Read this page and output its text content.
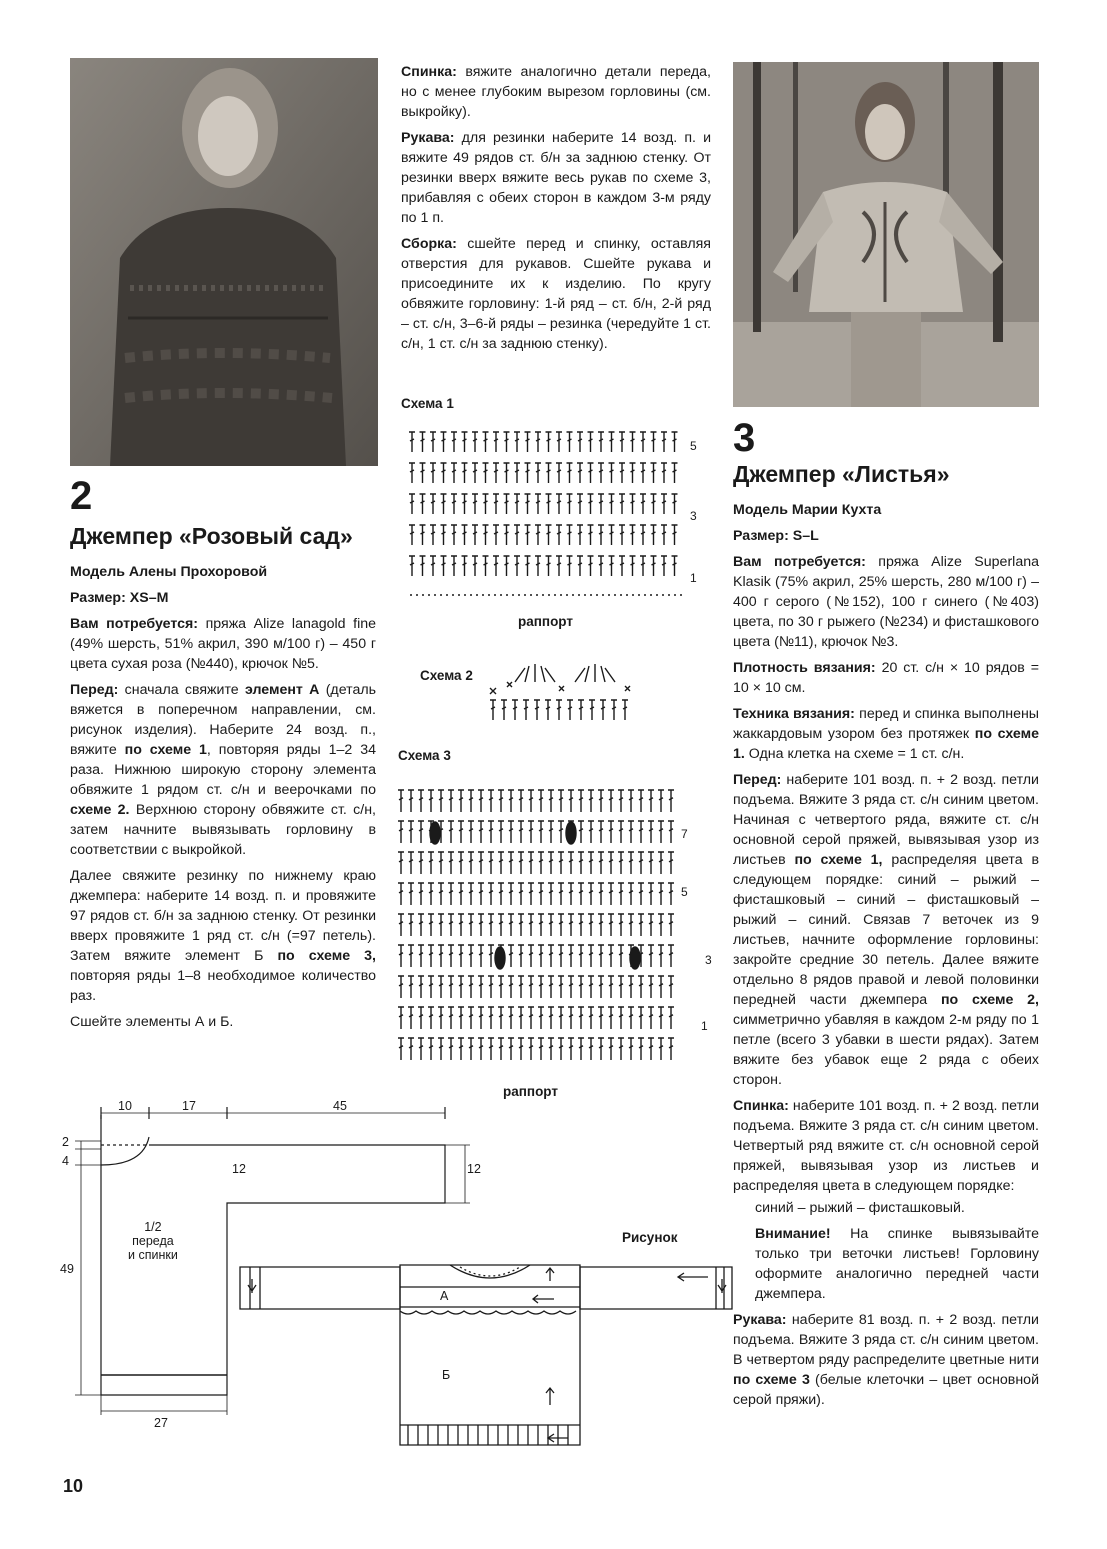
2
Джемпер «Розовый сад»
Модель Алены Прохоровой
Размер: XS–M

Вам потребуется: пряжа Alize lanagold fine (49% шерсть, 51% акрил, 390 м/100 г) – 450 г цвета сухая роза (№440), крючок №5.

Перед: сначала свяжите элемент А (деталь вяжется в поперечном направлении, см. рисунок изделия). Наберите 24 возд. п., вяжите по схеме 1, повторяя ряды 1–2 34 раза. Нижнюю широкую сторону элемента обвяжите 1 рядом ст. с/н и веерочками по схеме 2. Верхнюю сторону обвяжите ст. с/н, затем начните вывязывать горловину в соответствии с выкройкой.

Далее свяжите резинку по нижнему краю джемпера: наберите 14 возд. п. и провяжите 97 рядов ст. б/н за заднюю стенку. От резинки вверх провяжите 1 ряд ст. с/н (=97 петель). Затем вяжите элемент Б по схеме 3, повторяя ряды 1–8 необходимое количество раз.

Сшейте элементы А и Б.

Спинка: вяжите аналогично детали переда, но с менее глубоким вырезом горловины (см. выкройку).

Рукава: для резинки наберите 14 возд. п. и вяжите 49 рядов ст. б/н за заднюю стенку. От резинки вверх вяжите весь рукав по схеме 3, прибавляя с обеих сторон в каждом 3-м ряду по 1 п.

Сборка: сшейте перед и спинку, оставляя отверстия для рукавов. Сшейте рукава и присоедините их к изделию. По кругу обвяжите горловину: 1-й ряд – ст. б/н, 2-й ряд – ст. с/н, 3–6-й ряды – резинка (чередуйте 1 ст. с/н, 1 ст. с/н за заднюю стенку).

Схема 1
Схема 2
Схема 3
раппорт
раппорт
5
3
1
7
5
3
1
10	17	45
2
4
12	12
49
27
1/2
переда
и спинки
Рисунок
А
Б
10
3
Джемпер «Листья»
Модель Марии Кухта
Размер: S–L

Вам потребуется: пряжа Alize Superlana Klasik (75% акрил, 25% шерсть, 280 м/100 г) – 400 г серого (№152), 100 г синего (№403) цвета, по 30 г рыжего (№234) и фисташкового цвета (№11), крючок №3.

Плотность вязания: 20 ст. с/н × 10 рядов = 10 × 10 см.

Техника вязания: перед и спинка выполнены жаккардовым узором без протяжек по схеме 1. Одна клетка на схеме = 1 ст. с/н.

Перед: наберите 101 возд. п. + 2 возд. петли подъема. Вяжите 3 ряда ст. с/н синим цветом. Начиная с четвертого ряда, вяжите ст. с/н основной серой пряжей, вывязывая узор из листьев по схеме 1, распределяя цвета в следующем порядке: синий – рыжий – фисташковый – синий – фисташковый – рыжий – синий. Связав 7 веточек из 9 листьев, начните оформление горловины: закройте средние 30 петель. Далее вяжите отдельно 8 рядов правой и левой половинки передней части джемпера по схеме 2, симметрично убавляя в каждом 2-м ряду по 1 петле (всего 3 убавки в шести рядах). Затем вяжите без убавок еще 2 ряда с обеих сторон.

Спинка: наберите 101 возд. п. + 2 возд. петли подъема. Вяжите 3 ряда ст. с/н синим цветом. Четвертый ряд вяжите ст. с/н основной серой пряжей, вывязывая узор из листьев и распределяя цвета в следующем порядке:

синий – рыжий – фисташковый.

Внимание! На спинке вывязывайте только три веточки листьев! Горловину оформите аналогично передней части джемпера.

Рукава: наберите 81 возд. п. + 2 возд. петли подъема. Вяжите 3 ряда ст. с/н синим цветом. В четвертом ряду распределите цветные нити по схеме 3 (белые клеточки – цвет основной серой пряжи).
